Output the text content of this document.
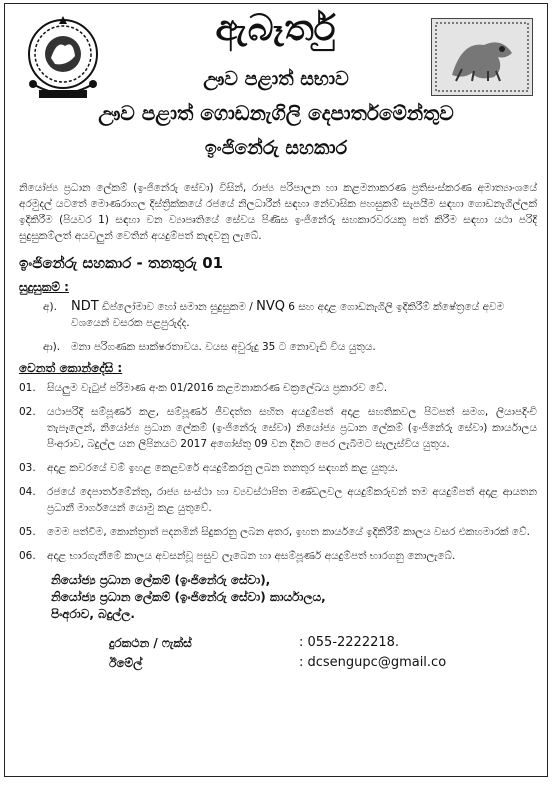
ඇබෑර්තු
ඌව පළාත් සභාව
ඌව පළාත් ගොඩනැගිලි දෙපාර්තමේන්තුව
ඉංජිනේරු සහකාර

නියෝජ්‍ය ප්‍රධාන ලේකම් (ඉංජිනේරු සේවා) විසින්, රාජ්‍ය පරිපාලන හා කළමනාකරණ ප්‍රතිසංස්කරණ අමාත්‍යාංශයේ අරමුදල් යටතේ මොණරාගල දිස්ත්‍රික්කයේ රජයේ නිලධාරීන් සඳහා නේවාසික පහසුකම් සැපයීම සඳහා ගොඩනැගිල්ලක් ඉදිකිරීම (පියවර 1) සඳහා වන ව්‍යාපෘතියේ සේවය පිණිස ඉංජිනේරු සහකාරවරයකු පත් කිරීම සඳහා යථා පරිදි සුදුසුකම්ලත් අයවලුන් වෙතින් අයදුම්පත් කැඳවනු ලැබේ.

ඉංජිනේරු සහකාර - තනතුරු 01
සුදුසුකම් :
අ).	NDT ඩිප්ලෝමාව හෝ සමාන සුදුසුකම / NVQ 6 සහ අදාළ ගොඩනැගිලි ඉදිකිරීම් ක්ෂේත්‍රයේ අවම වශයෙන් වසරක පළපුරුද්ද.
ආ).	මනා පරිගණක සාක්ෂරතාවය. වයස අවුරුදු 35 ට නොවැඩි විය යුතුය.
වෙනත් කොන්දේසි :
01.	සියලුම වැටුප් පරිමාණ අංක 01/2016 කළමනාකරණ චක්‍රලේඛය ප්‍රකාරව වේ.
02.	යථාපරිදි සම්පූර්ණ කළ, සම්පූර්ණ ජීවදත්ත සහිත අයදුම්පත් අදාළ සහතිකවල පිටපත් සමග, ලියාපදිංචි තැපෑලෙන්, නියෝජ්‍ය ප්‍රධාන ලේකම් (ඉංජිනේරු සේවා) නියෝජ්‍ය ප්‍රධාන ලේකම් (ඉංජිනේරු සේවා) කාර්යාලය පිංඅරාව, බදුල්ල යන ලිපිනයට 2017 අගෝස්තු 09 වන දිනට පෙර ලැබීමට සැලැස්විය යුතුය.
03.	අදාළ කවරයේ වම් ඉහළ කෙළවරේ අයදුම්කරනු ලබන තනතුර සඳහන් කළ යුතුය.
04.	රජයේ දෙපාර්තමේන්තු, රාජ්‍ය සංස්ථා හා ව්‍යවස්ථාපිත මණ්ඩලවල අයදුම්කරුවන් තම අයදුම්පත් අදාළ ආයතන ප්‍රධානී මාර්ගයෙන් යොමු කළ යුතුවේ.
05.	මෙම පත්වීම, කොන්ත්‍රාත් පදනමින් සිදුකරනු ලබන අතර, ඉහත කාර්යයේ ඉදිකිරීම් කාලය වසර එකහමාරක් වේ.
06.	අදාළ භාරගැනීමේ කාලය අවසන්වූ පසුව ලැබෙන හා අසම්පූර්ණ අයදුම්පත් භාරගනු නොලැබේ.
නියෝජ්‍ය ප්‍රධාන ලේකම් (ඉංජිනේරු සේවා),
නියෝජ්‍ය ප්‍රධාන ලේකම් (ඉංජිනේරු සේවා) කාර්යාලය,
පිංඅරාව, බදුල්ල.
දුරකථන / ෆැක්ස්	: 055-2222218.
ඊමේල්	: dcsengupc@gmail.co
